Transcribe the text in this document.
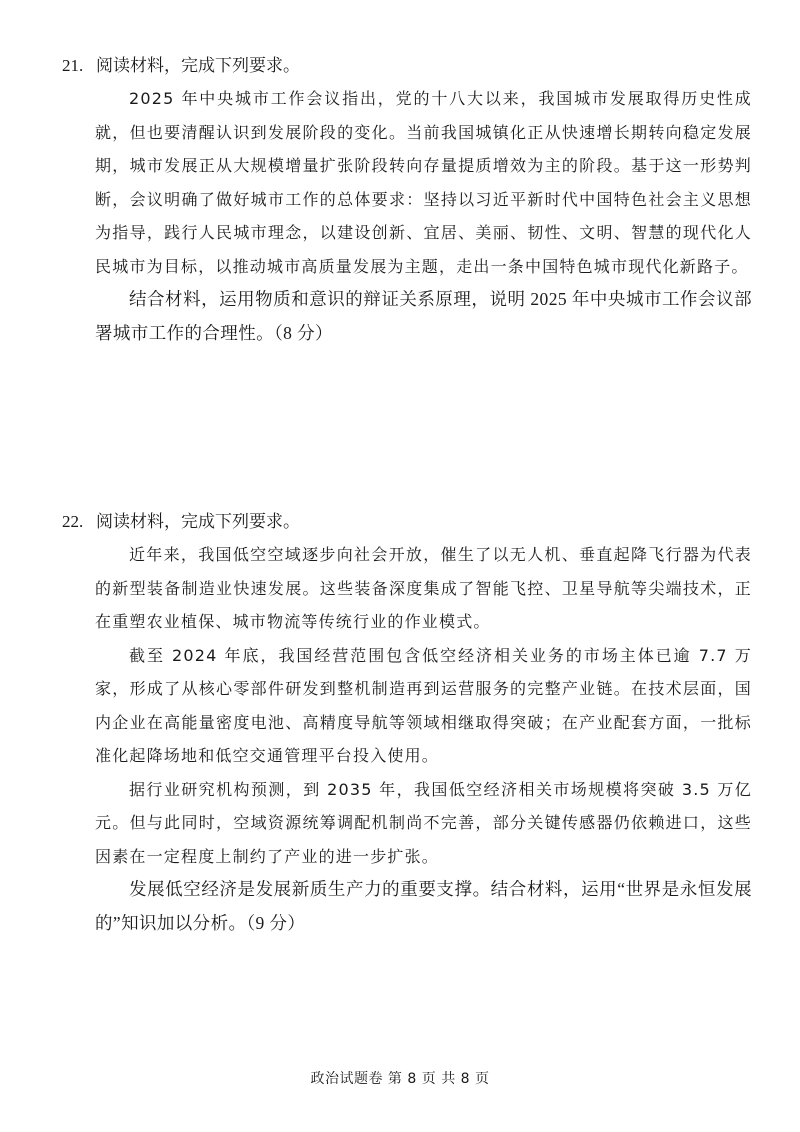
21. 阅读材料，完成下列要求。

2025 年中央城市工作会议指出，党的十八大以来，我国城市发展取得历史性成就，但也要清醒认识到发展阶段的变化。当前我国城镇化正从快速增长期转向稳定发展期，城市发展正从大规模增量扩张阶段转向存量提质增效为主的阶段。基于这一形势判断，会议明确了做好城市工作的总体要求：坚持以习近平新时代中国特色社会主义思想为指导，践行人民城市理念，以建设创新、宜居、美丽、韧性、文明、智慧的现代化人民城市为目标，以推动城市高质量发展为主题，走出一条中国特色城市现代化新路子。

结合材料，运用物质和意识的辩证关系原理，说明 2025 年中央城市工作会议部署城市工作的合理性。（8 分）

22. 阅读材料，完成下列要求。

近年来，我国低空空域逐步向社会开放，催生了以无人机、垂直起降飞行器为代表的新型装备制造业快速发展。这些装备深度集成了智能飞控、卫星导航等尖端技术，正在重塑农业植保、城市物流等传统行业的作业模式。

截至 2024 年底，我国经营范围包含低空经济相关业务的市场主体已逾 7.7 万家，形成了从核心零部件研发到整机制造再到运营服务的完整产业链。在技术层面，国内企业在高能量密度电池、高精度导航等领域相继取得突破；在产业配套方面，一批标准化起降场地和低空交通管理平台投入使用。

据行业研究机构预测，到 2035 年，我国低空经济相关市场规模将突破 3.5 万亿元。但与此同时，空域资源统筹调配机制尚不完善，部分关键传感器仍依赖进口，这些因素在一定程度上制约了产业的进一步扩张。

发展低空经济是发展新质生产力的重要支撑。结合材料，运用“世界是永恒发展的”知识加以分析。（9 分）

政治试题卷 第 8 页 共 8 页
